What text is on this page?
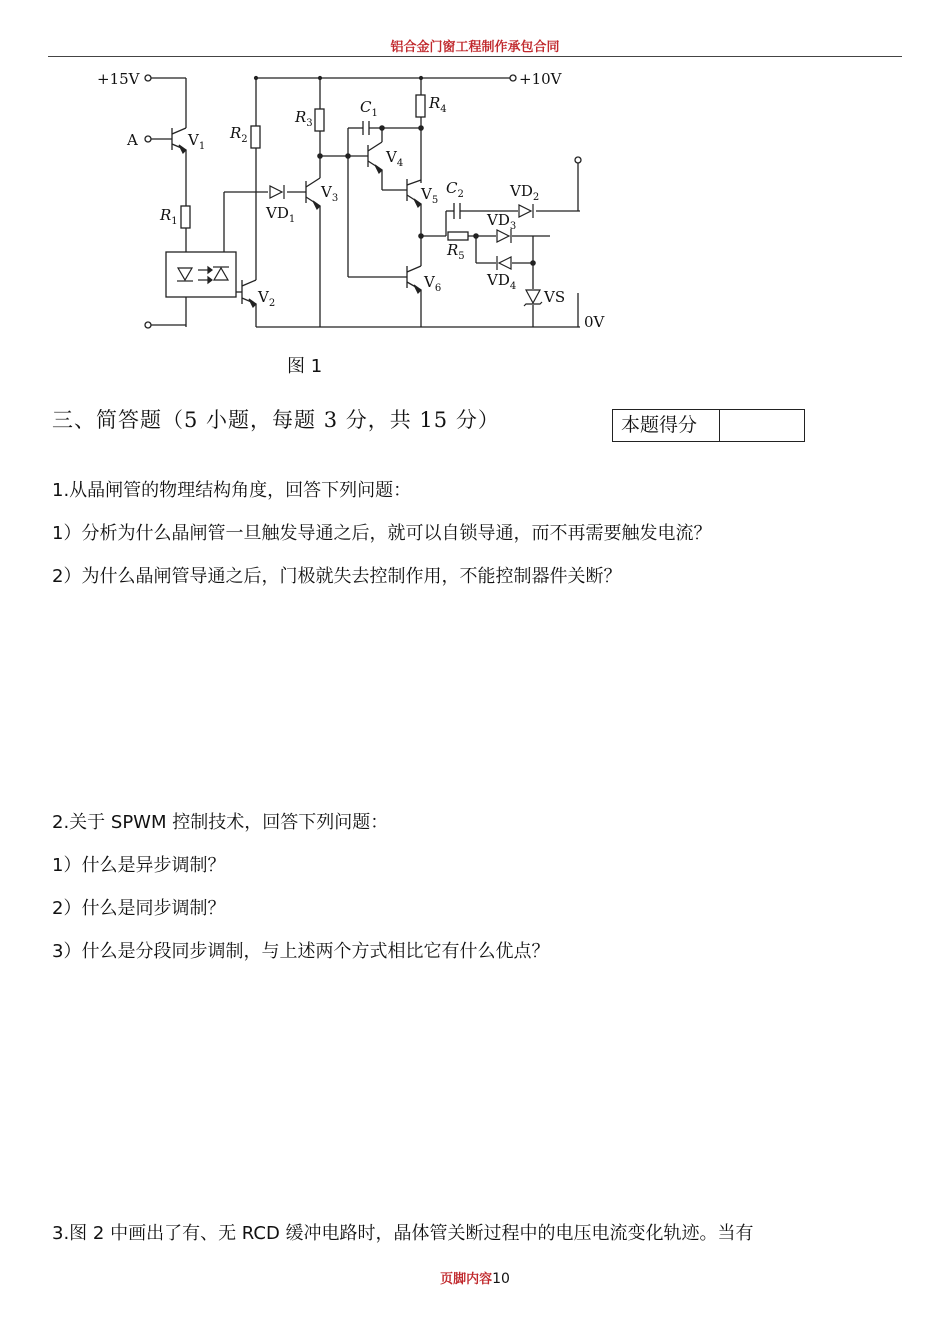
铝合金门窗工程制作承包合同
+15V	+10V
A	$V_1$
$R_1$
$R_2$
$R_3$
$R_4$
$R_5$
$C_1$
$C_2$
$V_2$
$V_3$
$V_4$
$V_5$
$V_6$
$VD_1$
$VD_2$
$VD_3$
$VD_4$
VS
0V
图 1
三、简答题（5 小题，每题 3 分，共 15 分）	本题得分
1.从晶闸管的物理结构角度，回答下列问题：
1）分析为什么晶闸管一旦触发导通之后，就可以自锁导通，而不再需要触发电流？
2）为什么晶闸管导通之后，门极就失去控制作用，不能控制器件关断？
2.关于 SPWM 控制技术，回答下列问题：
1）什么是异步调制？
2）什么是同步调制？
3）什么是分段同步调制，与上述两个方式相比它有什么优点？
3.图 2 中画出了有、无 RCD 缓冲电路时，晶体管关断过程中的电压电流变化轨迹。当有
页脚内容10
